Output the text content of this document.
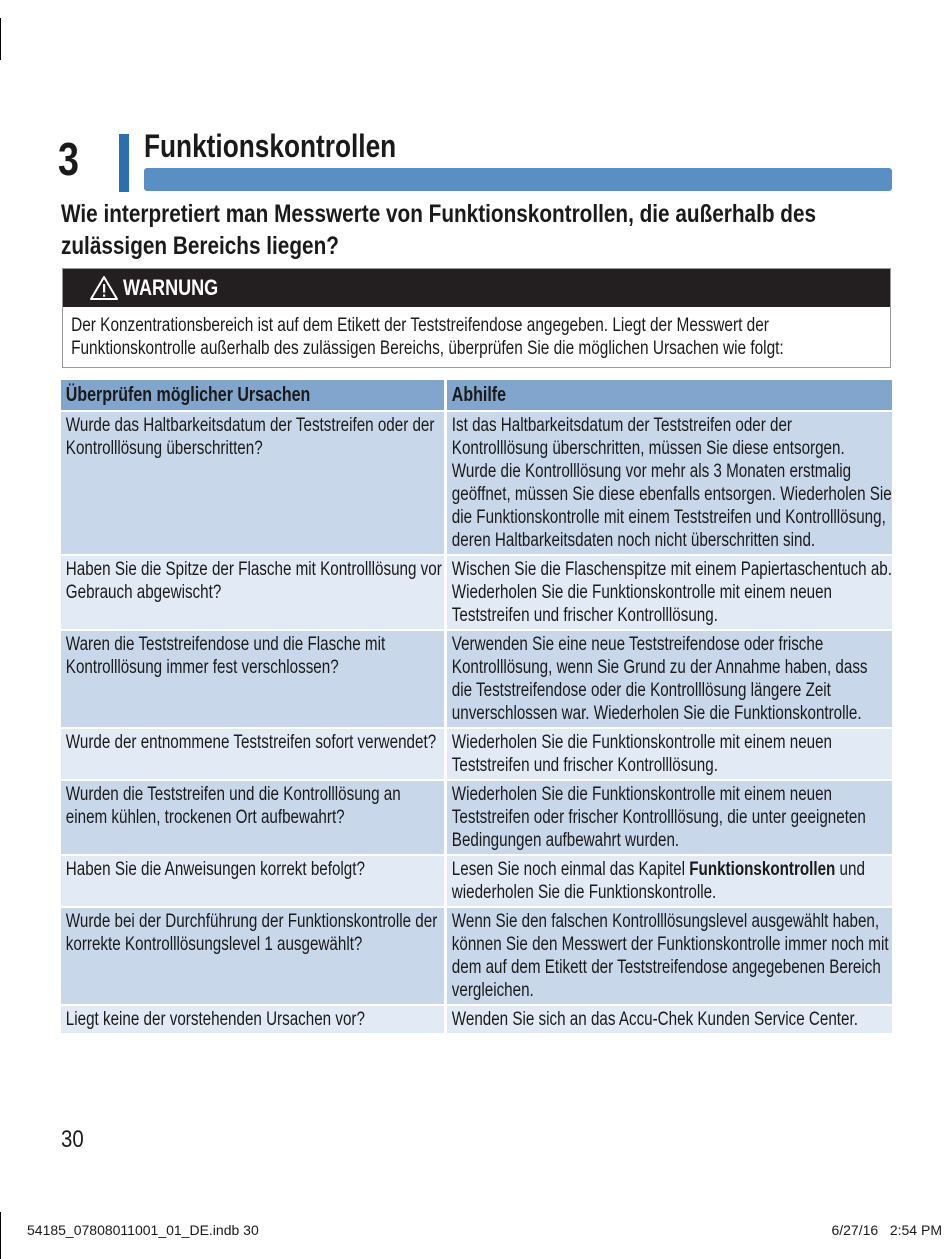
3 Funktionskontrollen
Wie interpretiert man Messwerte von Funktionskontrollen, die außerhalb des zulässigen Bereichs liegen?
WARNUNG
Der Konzentrationsbereich ist auf dem Etikett der Teststreifendose angegeben. Liegt der Messwert der Funktionskontrolle außerhalb des zulässigen Bereichs, überprüfen Sie die möglichen Ursachen wie folgt:
Überprüfen möglicher Ursachen	Abhilfe

Wurde das Haltbarkeitsdatum der Teststreifen oder der Kontrolllösung überschritten?	Ist das Haltbarkeitsdatum der Teststreifen oder der Kontrolllösung überschritten, müssen Sie diese entsorgen. Wurde die Kontrolllösung vor mehr als 3 Monaten erstmalig geöffnet, müssen Sie diese ebenfalls entsorgen. Wiederholen Sie die Funktionskontrolle mit einem Teststreifen und Kontrolllösung, deren Haltbarkeitsdaten noch nicht überschritten sind.

Haben Sie die Spitze der Flasche mit Kontrolllösung vor Gebrauch abgewischt?	Wischen Sie die Flaschenspitze mit einem Papiertaschentuch ab. Wiederholen Sie die Funktionskontrolle mit einem neuen Teststreifen und frischer Kontrolllösung.

Waren die Teststreifendose und die Flasche mit Kontrolllösung immer fest verschlossen?	Verwenden Sie eine neue Teststreifendose oder frische Kontrolllösung, wenn Sie Grund zu der Annahme haben, dass die Teststreifendose oder die Kontrolllösung längere Zeit unverschlossen war. Wiederholen Sie die Funktionskontrolle.

Wurde der entnommene Teststreifen sofort verwendet?	Wiederholen Sie die Funktionskontrolle mit einem neuen Teststreifen und frischer Kontrolllösung.

Wurden die Teststreifen und die Kontrolllösung an einem kühlen, trockenen Ort aufbewahrt?	Wiederholen Sie die Funktionskontrolle mit einem neuen Teststreifen oder frischer Kontrolllösung, die unter geeigneten Bedingungen aufbewahrt wurden.

Haben Sie die Anweisungen korrekt befolgt?	Lesen Sie noch einmal das Kapitel Funktionskontrollen und wiederholen Sie die Funktionskontrolle.

Wurde bei der Durchführung der Funktionskontrolle der korrekte Kontrolllösungslevel 1 ausgewählt?	Wenn Sie den falschen Kontrolllösungslevel ausgewählt haben, können Sie den Messwert der Funktionskontrolle immer noch mit dem auf dem Etikett der Teststreifendose angegebenen Bereich vergleichen.

Liegt keine der vorstehenden Ursachen vor?	Wenden Sie sich an das Accu-Chek Kunden Service Center.
30
54185_07808011001_01_DE.indb 30	6/27/16   2:54 PM
